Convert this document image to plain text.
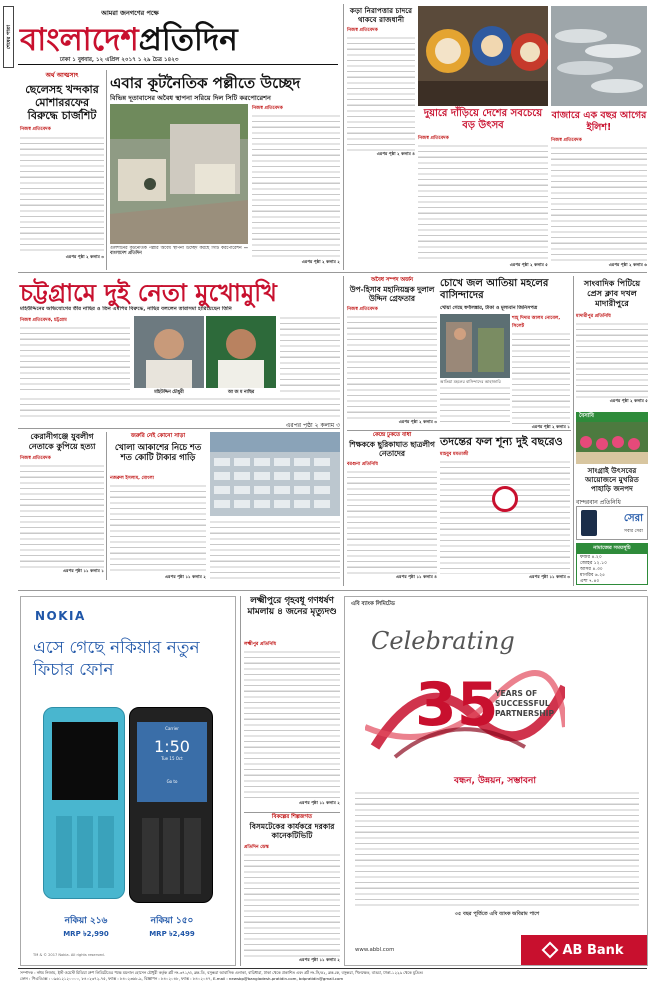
শেষের পাতা
আমরা জনগণের পক্ষে
বাংলাদেশপ্রতিদিন
ঢাকা ১ বুধবার, ১২ এপ্রিল ২০১৭ ১ ২৯ চৈত্র ১৪২৩
অর্থ আত্মসাৎ
ছেলেসহ খন্দকার মোশাররফের বিরুদ্ধে চার্জশিট
নিজস্ব প্রতিবেদক
এরপর পৃষ্ঠা ২ কলাম ৩
এবার কূটনৈতিক পল্লীতে উচ্ছেদ
বিভিন্ন দূতাবাসের অবৈধ স্থাপনা সরিয়ে দিল সিটি করপোরেশন
গুলশানের কূটনৈতিক পল্লীর অবৈধ স্থাপনা উচ্ছেদ করছে সিটি করপোরেশন —বাংলাদেশ প্রতিদিন
নিজস্ব প্রতিবেদক
এরপর পৃষ্ঠা ২ কলাম ২
কড়া নিরাপত্তার চাদরে থাকবে রাজধানী
নিজস্ব প্রতিবেদক
এরপর পৃষ্ঠা ২ কলাম ৪
দুয়ারে দাঁড়িয়ে দেশের সবচেয়ে বড় উৎসব
নিজস্ব প্রতিবেদক
এরপর পৃষ্ঠা ২ কলাম ৫
বাজারে এক বছর আগের ইলিশ!
নিজস্ব প্রতিবেদক
এরপর পৃষ্ঠা ২ কলাম ৬
চট্টগ্রামে দুই নেতা মুখোমুখি
মহিউদ্দিনের অভিযোগের তীর নাছির ও তিন এমপির বিরুদ্ধে, নাছির বললেন তারাসমা হারিয়েছেন তিনি
নিজস্ব প্রতিবেদক, চট্টগ্রাম
মহিউদ্দিন চৌধুরী	আ জ ম নাছির
এরপর পৃষ্ঠা ২ কলাম ৩
কেরানীগঞ্জে যুবলীগ নেতাকে কুপিয়ে হত্যা
নিজস্ব প্রতিবেদক
এরপর পৃষ্ঠা ১১ কলাম ১
জরুরি নেই কোনো সাড়া
খোলা আকাশের নিচে শত শত কোটি টাকার গাড়ি
নজরুল ইসলাম, মোংলা
এরপর পৃষ্ঠা ১১ কলাম ২
অবৈধ সম্পদ অর্জন
উপ-হিসাব মহানিয়ন্ত্রক দুলাল উদ্দিন গ্রেফতার
নিজস্ব প্রতিবেদক
এরপর পৃষ্ঠা ২ কলাম ৩
চোখে জল আতিয়া মহলের বাসিন্দাদের
খোয়া গেছে স্বর্ণালঙ্কার, টাকা ও মূল্যবান জিনিসপত্র
আতিয়া মহলের বাসিন্দাদের আহাজারি
শাহ্ দিদার আলম নোবেল, সিলেট
এরপর পৃষ্ঠা ২ কলাম ১
কেন্দ্রে ঢুকতে বাধা
শিক্ষককে ছুরিকাঘাত ছাত্রলীগ নেতাদের
বরগুনা প্রতিনিধি
এরপর পৃষ্ঠা ১১ কলাম ৪
তদন্তের ফল শূন্য দুই বছরেও
মাহবুব মমতাজী
এরপর পৃষ্ঠা ১১ কলাম ৩
সাংবাদিক পিটিয়ে প্রেস ক্লাব দখল মাদারীপুরে
মাদারীপুর প্রতিনিধি
এরপর পৃষ্ঠা ২ কলাম ৫
বৈসাবি
সাংগ্রাই উৎসবের আয়োজনে মুখরিত পাহাড়ি জনপদ
বান্দরবান প্রতিনিধি
সেরা
সবার সেরা
নামাজের সময়সূচি
ফজর ৪.২০
জোহর ১২.১০
আসর ৪.৩০
মাগরিব ৬.২৫
এশা ৭.৪০
NOKIA
এসে গেছে নকিয়ার নতুন ফিচার ফোন
Carrier
1:50
Tue 15 Oct
Go to
নকিয়া ২১৬
MRP ৳2,990
নকিয়া ১৫০
MRP ৳2,499
TM & © 2017 Nokia. All rights reserved.
লক্ষ্মীপুরে গৃহবধূ গণধর্ষণ মামলায় ৪ জনের মৃত্যুদণ্ড
লক্ষ্মীপুর প্রতিনিধি
এরপর পৃষ্ঠা ১১ কলাম ২
বিকল্পের শিল্পজগত
বিসমটেকের কার্যকরে দরকার কানেকটিভিটি
প্রতিদিন ডেস্ক
এরপর পৃষ্ঠা ১১ কলাম ২
এবি ব্যাংক লিমিটেড
Celebrating
35
YEARS OF
SUCCESSFUL
PARTNERSHIP
বন্ধন, উন্নয়ন, সম্ভাবনা
৩৫ বছর পূর্তিতে এবি ব্যাংক অবিরাম পাশে
www.abbl.com	AB Bank
সম্পাদক : নঈম নিজাম, ইস্ট ওয়েস্ট মিডিয়া গ্রুপ লিমিটেডের পক্ষে ময়নাল হোসেন চৌধুরী কর্তৃক প্লট নং-৩৭১/এ, ব্লক-ডি, বসুন্ধরা আবাসিক এলাকা, বারিধারা, ঢাকা থেকে প্রকাশিত এবং প্লট নং-সি/৫২, ব্লক-কে, বসুন্ধরা, খিলক্ষেত, বাড্ডা, ঢাকা-১২২৯ থেকে মুদ্রিত।
ফোন : পিএবিএক্স : ০৯৬১২১২০০০০, ৮৪০২৩৭২-৭৫, ফ্যাক্স : ৮৪০২৩৬৮-৯, বিজ্ঞাপন : ৮৪০২০৪৮, ফ্যাক্স : ৮৪০২০৪৭, E-mail : newsbp@bangladesh-pratidin.com, bdpratidin@gmail.com
